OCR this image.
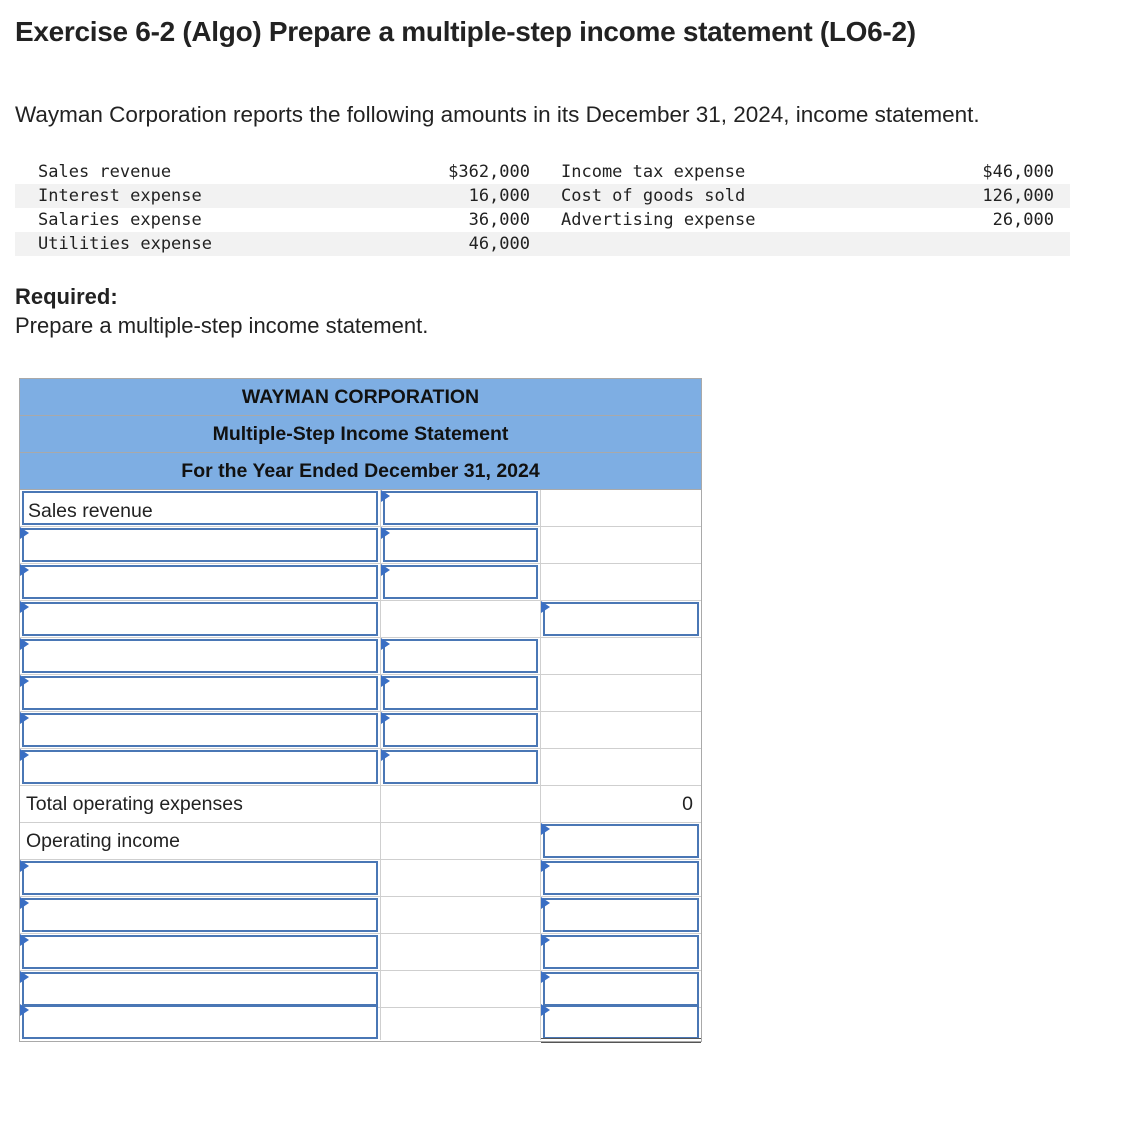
Exercise 6-2 (Algo) Prepare a multiple-step income statement (LO6-2)
Wayman Corporation reports the following amounts in its December 31, 2024, income statement.
Sales revenue	$362,000 Income tax expense	$46,000
Interest expense	16,000 Cost of goods sold	126,000
Salaries expense	36,000 Advertising expense	26,000
Utilities expense	46,000
Required:
Prepare a multiple-step income statement.
WAYMAN CORPORATION
Multiple-Step Income Statement
For the Year Ended December 31, 2024
Sales revenue
Total operating expenses	0
Operating income
